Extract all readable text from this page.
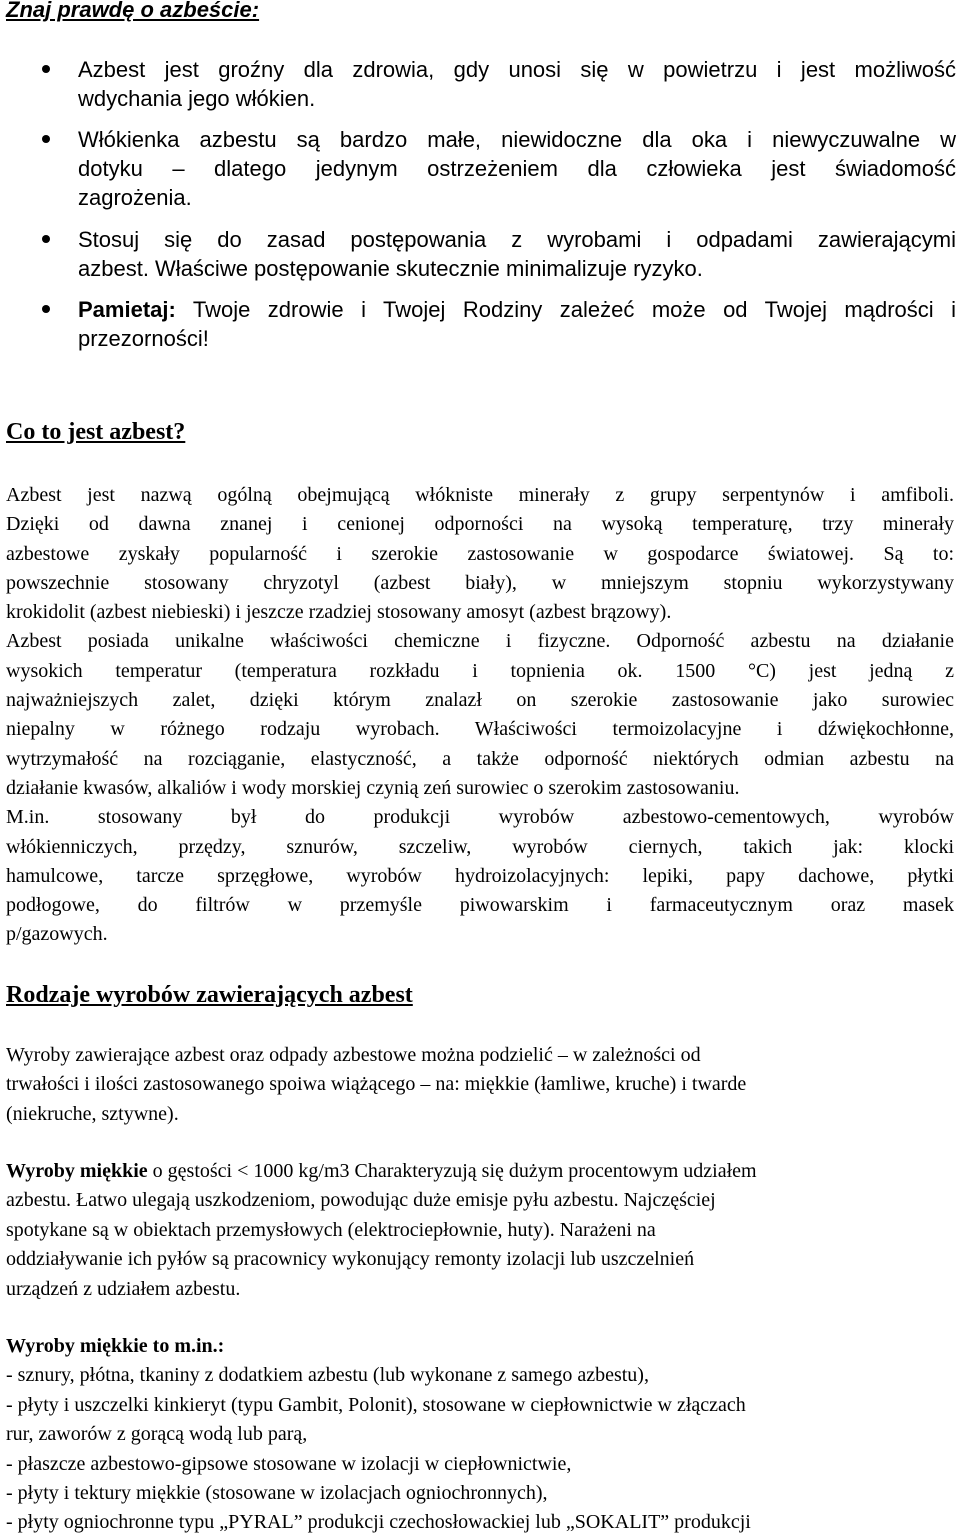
Znaj prawdę o azbeście:
Azbest jest groźny dla zdrowia, gdy unosi się w powietrzu i jest możliwość
wdychania jego włókien.
Włókienka azbestu są bardzo małe, niewidoczne dla oka i niewyczuwalne w
dotyku – dlatego jedynym ostrzeżeniem dla człowieka jest świadomość
zagrożenia.
Stosuj się do zasad postępowania z wyrobami i odpadami zawierającymi
azbest. Właściwe postępowanie skutecznie minimalizuje ryzyko.
Pamietaj: Twoje zdrowie i Twojej Rodziny zależeć może od Twojej mądrości i
przezorności!
Co to jest azbest?
Azbest jest nazwą ogólną obejmującą włókniste minerały z grupy serpentynów i amfiboli.
Dzięki od dawna znanej i cenionej odporności na wysoką temperaturę, trzy minerały
azbestowe zyskały popularność i szerokie zastosowanie w gospodarce światowej. Są to:
powszechnie stosowany chryzotyl (azbest biały), w mniejszym stopniu wykorzystywany
krokidolit (azbest niebieski) i jeszcze rzadziej stosowany amosyt (azbest brązowy).
Azbest posiada unikalne właściwości chemiczne i fizyczne. Odporność azbestu na działanie
wysokich temperatur (temperatura rozkładu i topnienia ok. 1500 °C) jest jedną z
najważniejszych zalet, dzięki którym znalazł on szerokie zastosowanie jako surowiec
niepalny w różnego rodzaju wyrobach. Właściwości termoizolacyjne i dźwiękochłonne,
wytrzymałość na rozciąganie, elastyczność, a także odporność niektórych odmian azbestu na
działanie kwasów, alkaliów i wody morskiej czynią zeń surowiec o szerokim zastosowaniu.
M.in. stosowany był do produkcji wyrobów azbestowo-cementowych, wyrobów
włókienniczych, przędzy, sznurów, szczeliw, wyrobów ciernych, takich jak: klocki
hamulcowe, tarcze sprzęgłowe, wyrobów hydroizolacyjnych: lepiki, papy dachowe, płytki
podłogowe, do filtrów w przemyśle piwowarskim i farmaceutycznym oraz masek
p/gazowych.
Rodzaje wyrobów zawierających azbest
Wyroby zawierające azbest oraz odpady azbestowe można podzielić – w zależności od
trwałości i ilości zastosowanego spoiwa wiążącego – na: miękkie (łamliwe, kruche) i twarde
(niekruche, sztywne).
Wyroby miękkie o gęstości < 1000 kg/m3 Charakteryzują się dużym procentowym udziałem
azbestu. Łatwo ulegają uszkodzeniom, powodując duże emisje pyłu azbestu. Najczęściej
spotykane są w obiektach przemysłowych (elektrociepłownie, huty). Narażeni na
oddziaływanie ich pyłów są pracownicy wykonujący remonty izolacji lub uszczelnień
urządzeń z udziałem azbestu.
Wyroby miękkie to m.in.:
- sznury, płótna, tkaniny z dodatkiem azbestu (lub wykonane z samego azbestu),
- płyty i uszczelki kinkieryt (typu Gambit, Polonit), stosowane w ciepłownictwie w złączach
rur, zaworów z gorącą wodą lub parą,
- płaszcze azbestowo-gipsowe stosowane w izolacji w ciepłownictwie,
- płyty i tektury miękkie (stosowane w izolacjach ogniochronnych),
- płyty ogniochronne typu „PYRAL” produkcji czechosłowackiej lub „SOKALIT” produkcji
